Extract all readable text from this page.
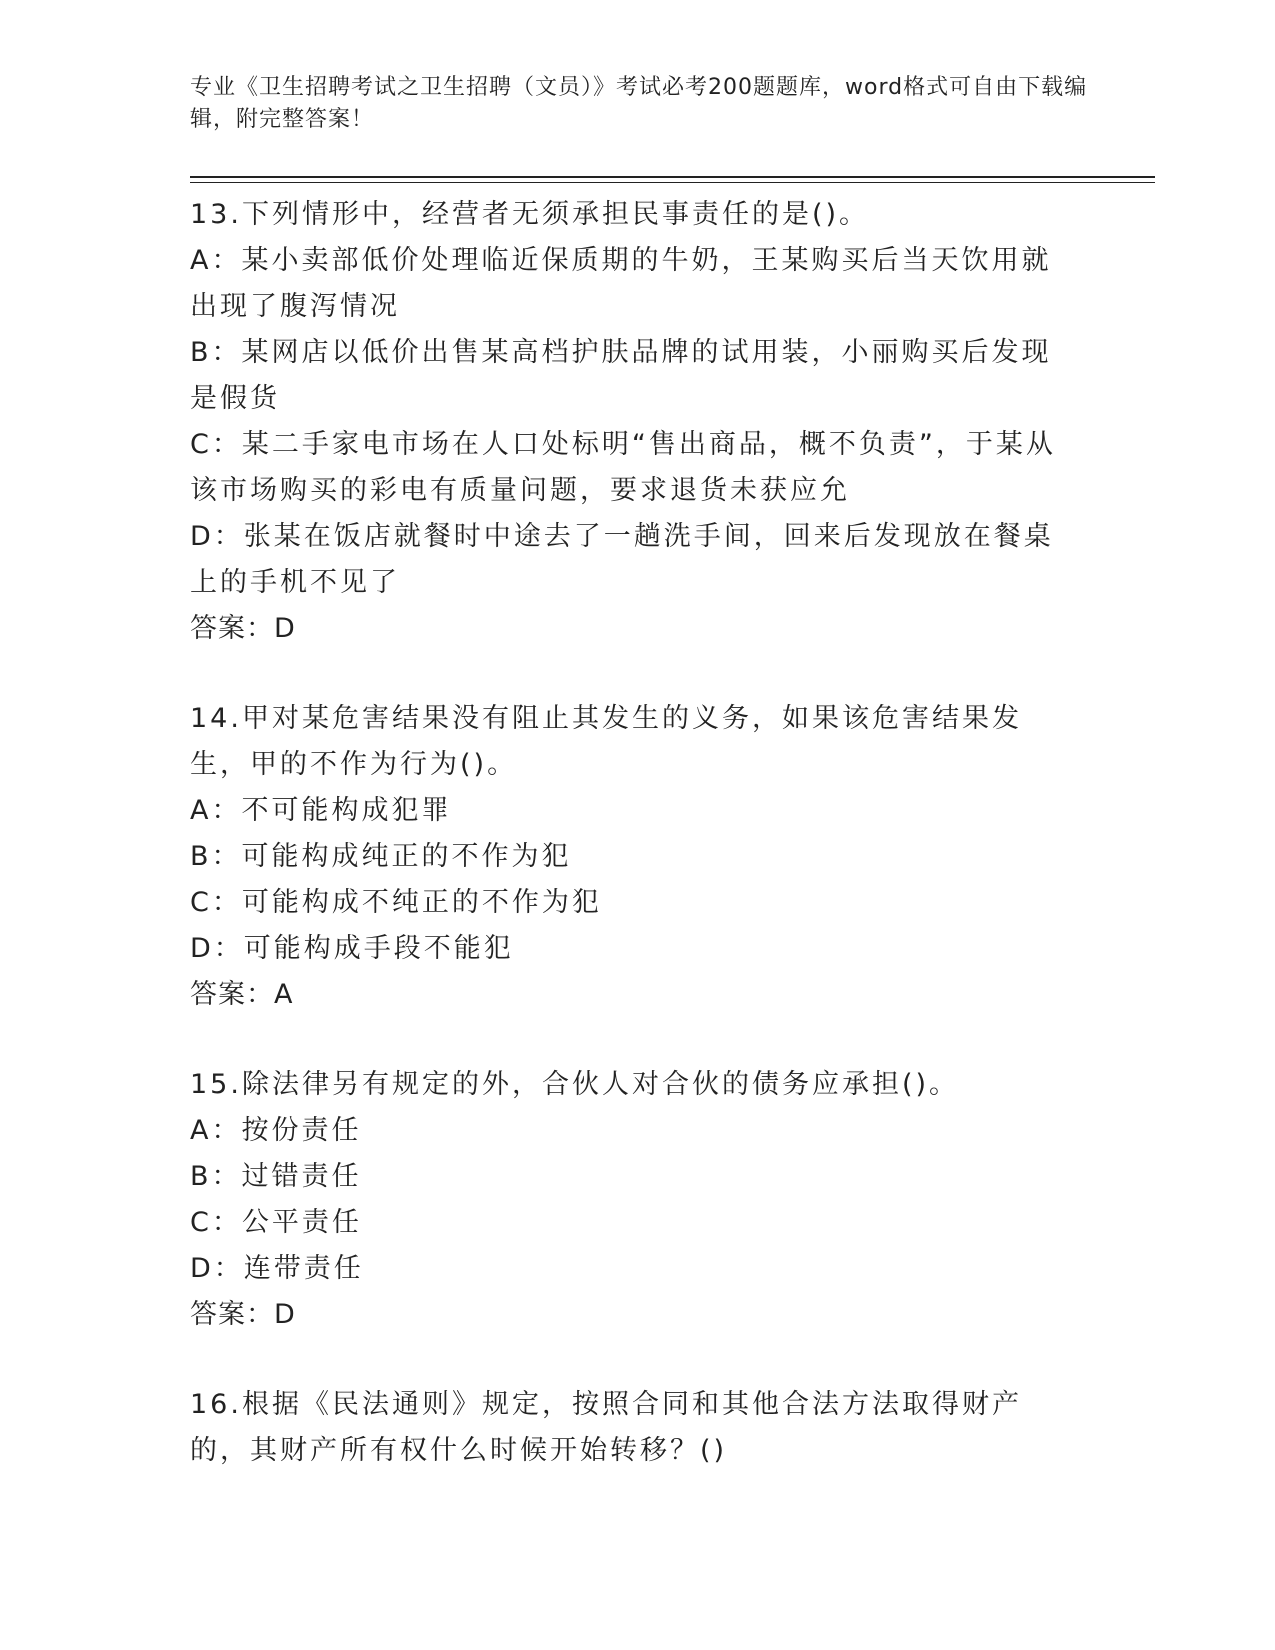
专业《卫生招聘考试之卫生招聘（文员）》考试必考200题题库，word格式可自由下载编辑，附完整答案！

13.下列情形中，经营者无须承担民事责任的是()。

A：某小卖部低价处理临近保质期的牛奶，王某购买后当天饮用就出现了腹泻情况

B：某网店以低价出售某高档护肤品牌的试用装，小丽购买后发现是假货

C：某二手家电市场在人口处标明“售出商品，概不负责”，于某从该市场购买的彩电有质量问题，要求退货未获应允

D：张某在饭店就餐时中途去了一趟洗手间，回来后发现放在餐桌上的手机不见了

答案：D

14.甲对某危害结果没有阻止其发生的义务，如果该危害结果发生，甲的不作为行为()。

A：不可能构成犯罪

B：可能构成纯正的不作为犯

C：可能构成不纯正的不作为犯

D：可能构成手段不能犯

答案：A

15.除法律另有规定的外，合伙人对合伙的债务应承担()。

A：按份责任

B：过错责任

C：公平责任

D：连带责任

答案：D

16.根据《民法通则》规定，按照合同和其他合法方法取得财产的，其财产所有权什么时候开始转移？()
